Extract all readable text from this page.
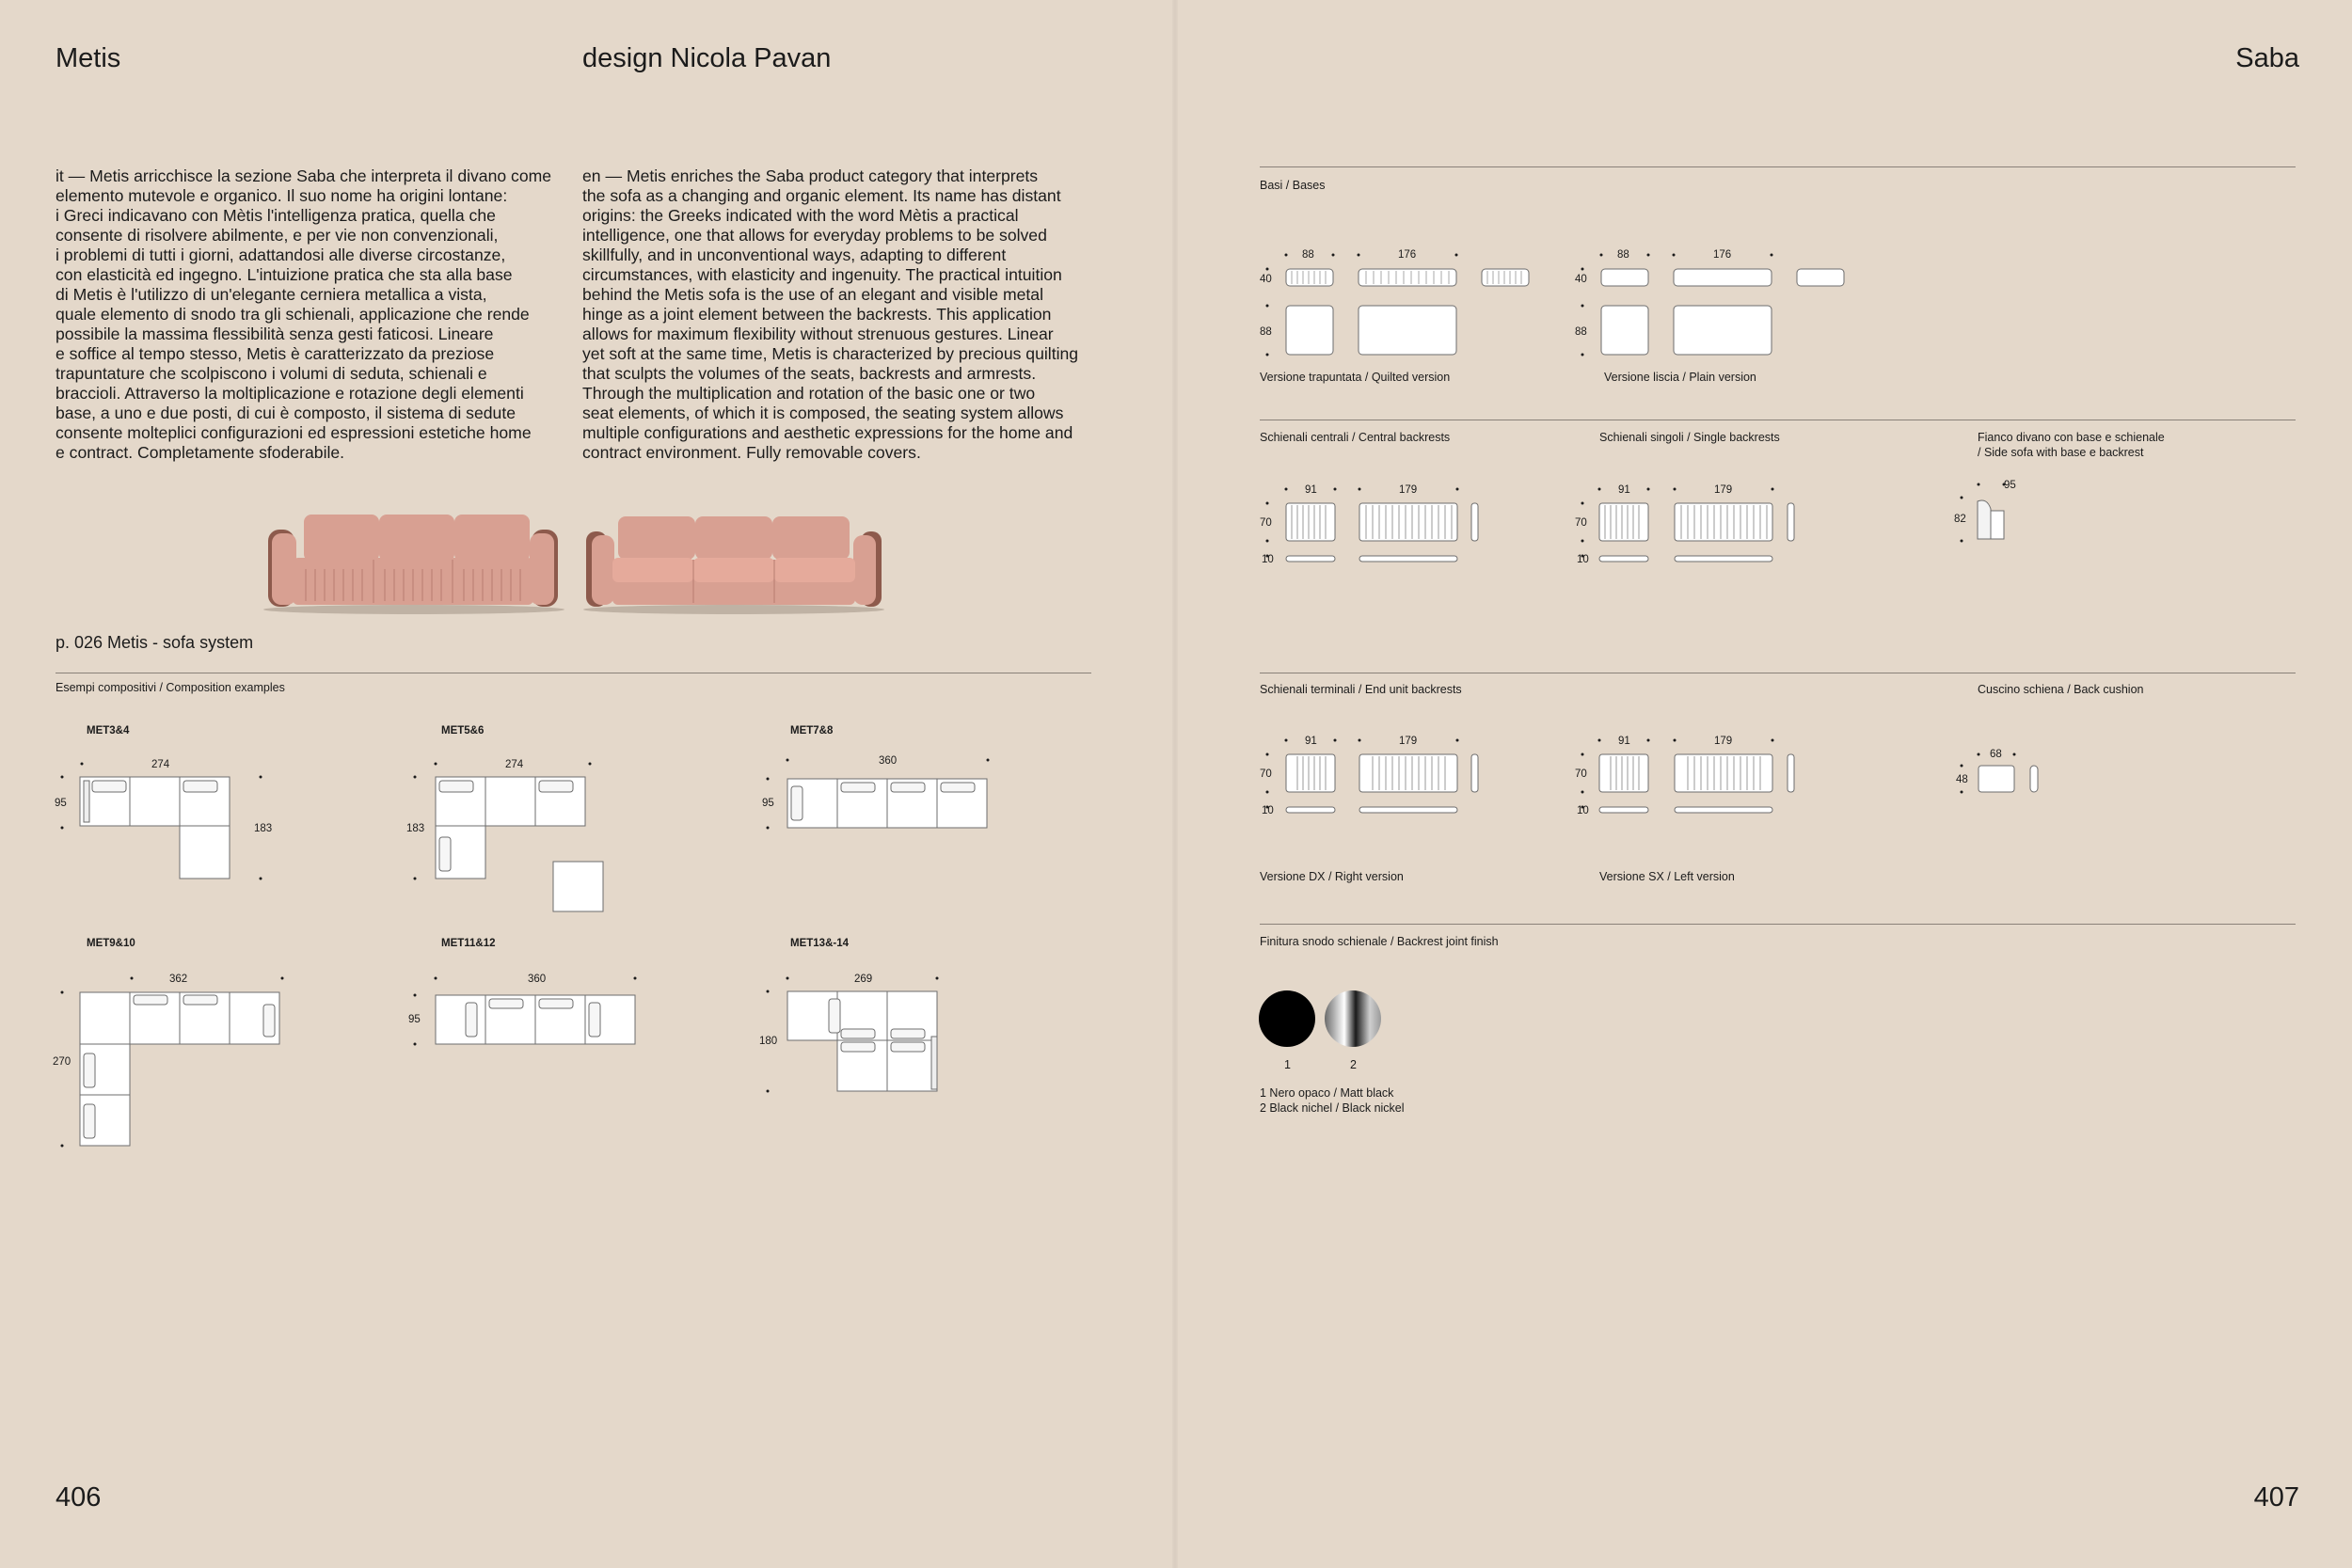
Metis	design Nicola Pavan

it — Metis arricchisce la sezione Saba che interpreta il divano come

elemento mutevole e organico. Il suo nome ha origini lontane:

i Greci indicavano con Mètis l'intelligenza pratica, quella che

consente di risolvere abilmente, e per vie non convenzionali,

i problemi di tutti i giorni, adattandosi alle diverse circostanze,

con elasticità ed ingegno. L'intuizione pratica che sta alla base

di Metis è l'utilizzo di un'elegante cerniera metallica a vista,

quale elemento di snodo tra gli schienali, applicazione che rende

possibile la massima flessibilità senza gesti faticosi. Lineare

e soffice al tempo stesso, Metis è caratterizzato da preziose

trapuntature che scolpiscono i volumi di seduta, schienali e

braccioli. Attraverso la moltiplicazione e rotazione degli elementi

base, a uno e due posti, di cui è composto, il sistema di sedute

consente molteplici configurazioni ed espressioni estetiche home

e contract. Completamente sfoderabile.

en — Metis enriches the Saba product category that interprets

the sofa as a changing and organic element. Its name has distant

origins: the Greeks indicated with the word Mètis a practical

intelligence, one that allows for everyday problems to be solved

skillfully, and in unconventional ways, adapting to different

circumstances, with elasticity and ingenuity. The practical intuition

behind the Metis sofa is the use of an elegant and visible metal

hinge as a joint element between the backrests. This application

allows for maximum flexibility without strenuous gestures. Linear

yet soft at the same time, Metis is characterized by precious quilting

that sculpts the volumes of the seats, backrests and armrests.

Through the multiplication and rotation of the basic one or two

seat elements, of which it is composed, the seating system allows

multiple configurations and aesthetic expressions for the home and

contract environment. Fully removable covers.

p. 026 Metis - sofa system
Esempi compositivi / Composition examples
MET3&4
274
95
183
MET5&6
274
183
MET7&8
360
95
MET9&10
362
270
MET11&12
360
95
MET13&-14
269
180
406
Saba
Basi / Bases
88	176
40
88
88	176
40
88
Versione trapuntata / Quilted version	Versione liscia / Plain version
Schienali centrali / Central backrests	Schienali singoli / Single backrests	Fianco divano con base e schienale
/ Side sofa with base e backrest
91	179
70
10
91	179
70
10
95
82
Schienali terminali / End unit backrests	Cuscino schiena / Back cushion
91	179
70
10
91	179
70
10
68
48
Versione DX / Right version	Versione SX / Left version
Finitura snodo schienale / Backrest joint finish
1	2
1 Nero opaco / Matt black
2 Black nichel / Black nickel
407
